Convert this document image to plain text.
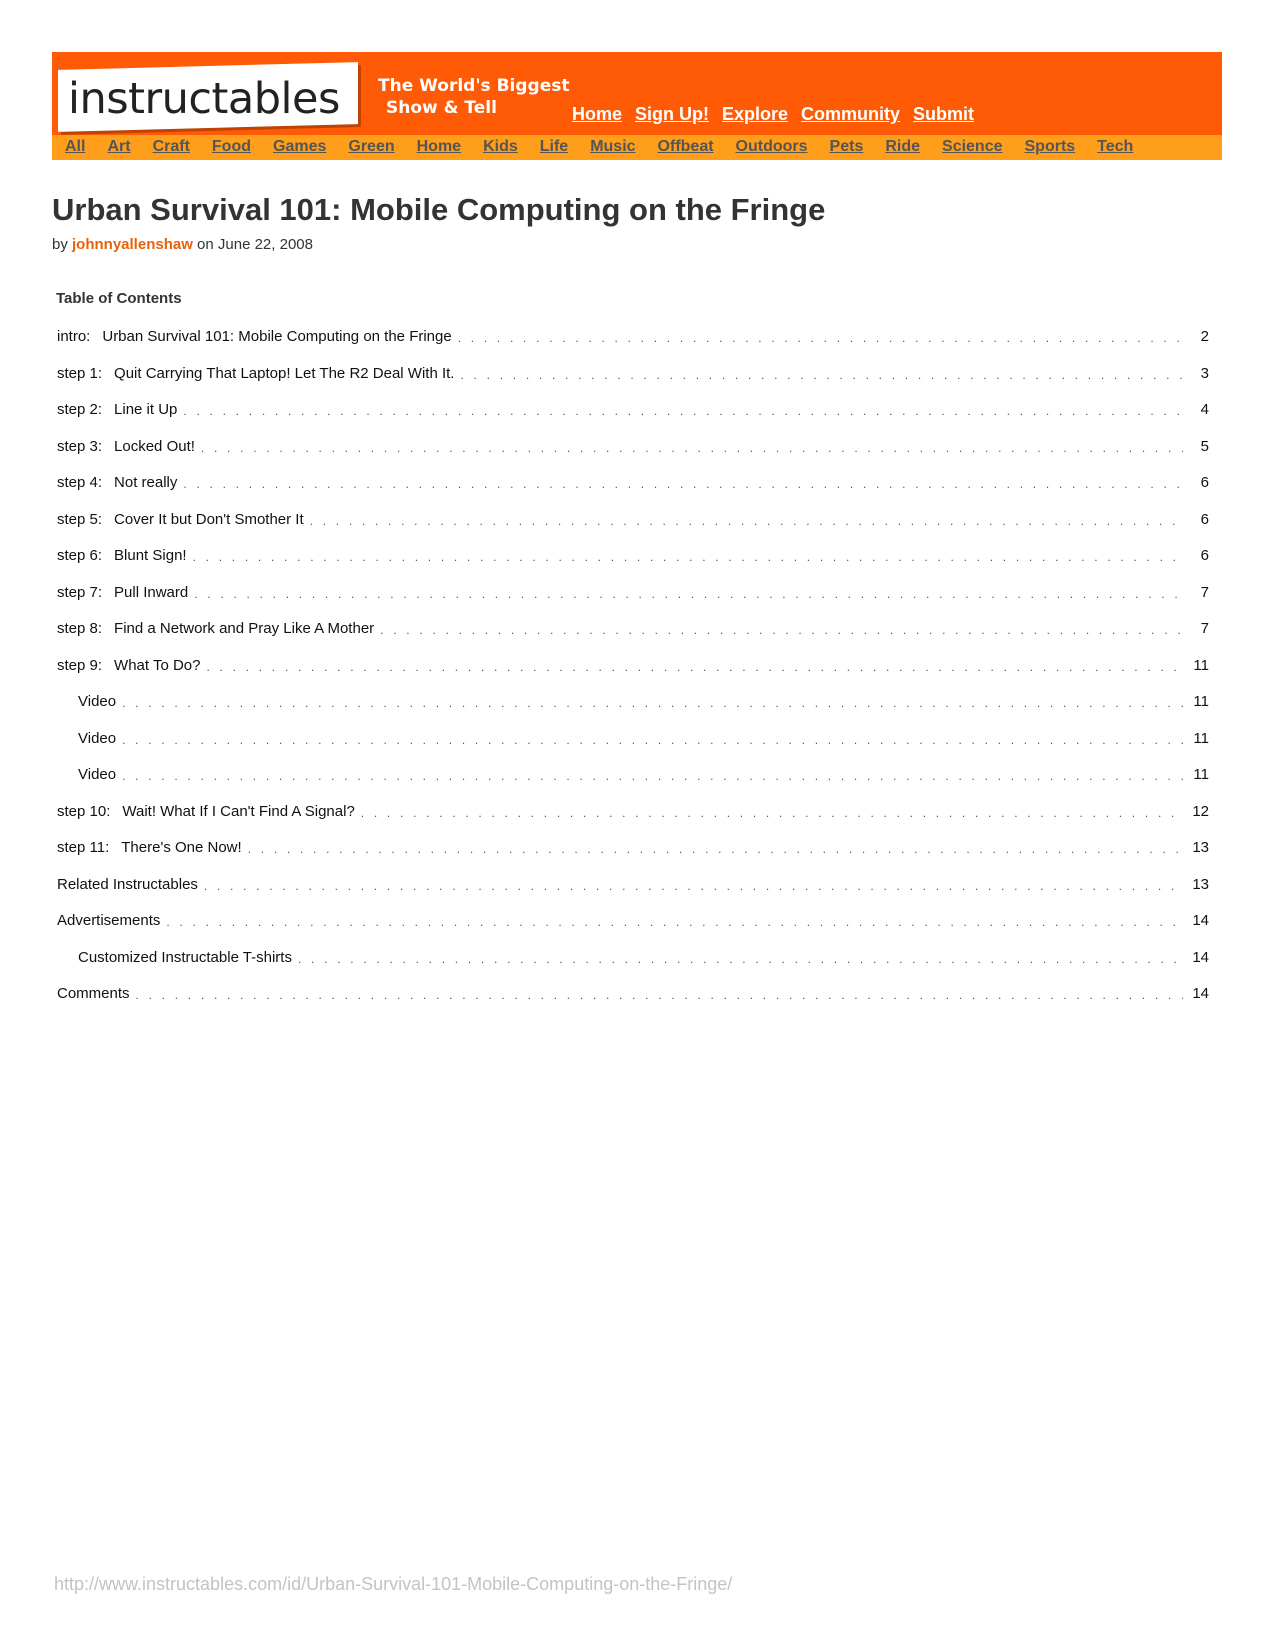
instructables The World's Biggest
Show & Tell	Home Sign Up! Explore Community Submit
All Art Craft Food Games Green Home Kids Life Music Offbeat Outdoors Pets Ride Science Sports Tech
Urban Survival 101: Mobile Computing on the Fringe
by johnnyallenshaw on June 22, 2008
Table of Contents
intro: Urban Survival 101: Mobile Computing on the Fringe . . .	2
step 1: Quit Carrying That Laptop! Let The R2 Deal With It. . . .	3
step 2: Line it Up . . .	4
step 3: Locked Out! . . .	5
step 4: Not really . . .	6
step 5: Cover It but Don't Smother It . . .	6
step 6: Blunt Sign! . . .	6
step 7: Pull Inward . . .	7
step 8: Find a Network and Pray Like A Mother . . .	7
step 9: What To Do? . . .	11
Video . . .	11
Video . . .	11
Video . . .	11
step 10: Wait! What If I Can't Find A Signal? . . .	12
step 11: There's One Now! . . .	13
Related Instructables . . .	13
Advertisements . . .	14
Customized Instructable T-shirts . . .	14
Comments . . .	14
http://www.instructables.com/id/Urban-Survival-101-Mobile-Computing-on-the-Fringe/
